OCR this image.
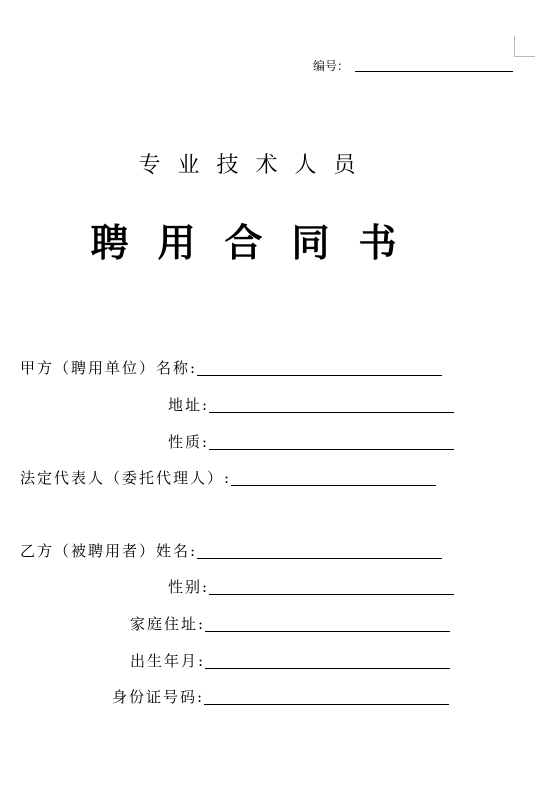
编号：
专业技术人员
聘用合同书
甲方（聘用单位）名称:
地址:
性质:
法定代表人（委托代理人）:
乙方（被聘用者）姓名:
性别:
家庭住址:
出生年月:
身份证号码:
